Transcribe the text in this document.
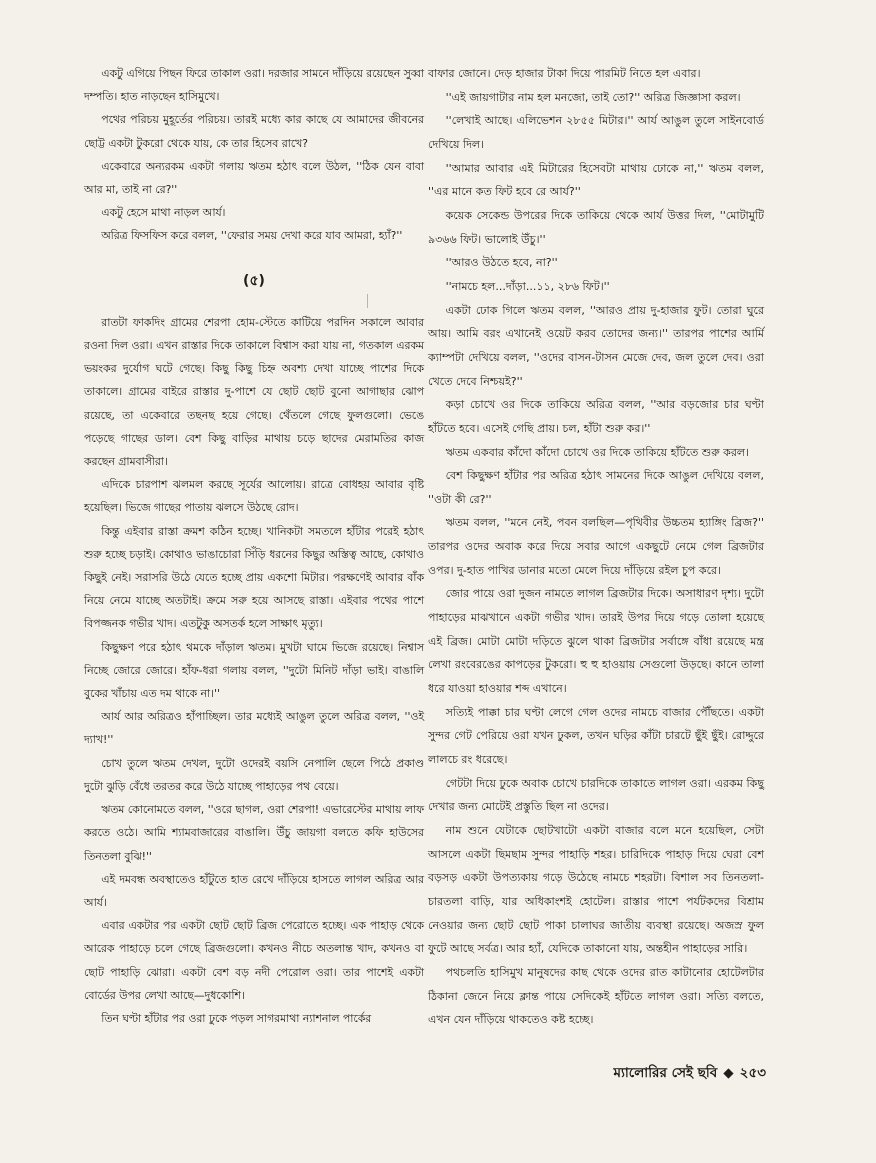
একটু এগিয়ে পিছন ফিরে তাকাল ওরা। দরজার সামনে দাঁড়িয়ে রয়েছেন সুব্বা দম্পতি। হাত নাড়ছেন হাসিমুখে।

পথের পরিচয় মুহূর্তের পরিচয়। তারই মধ্যে কার কাছে যে আমাদের জীবনের ছোট্ট একটা টুকরো থেকে যায়, কে তার হিসেব রাখে?

একেবারে অন্যরকম একটা গলায় ঋতম হঠাৎ বলে উঠল, ''ঠিক যেন বাবা আর মা, তাই না রে?''

একটু হেসে মাথা নাড়ল আর্য।

অরিত্র ফিসফিস করে বলল, ''ফেরার সময় দেখা করে যাব আমরা, হ্যাঁ?''

(৫)

রাতটা ফাকদিং গ্রামের শেরপা হোম-স্টেতে কাটিয়ে পরদিন সকালে আবার রওনা দিল ওরা। এখন রাস্তার দিকে তাকালে বিশ্বাস করা যায় না, গতকাল এরকম ভয়ংকর দুর্যোগ ঘটে গেছে। কিছু কিছু চিহ্ন অবশ্য দেখা যাচ্ছে পাশের দিকে তাকালে। গ্রামের বাইরে রাস্তার দু-পাশে যে ছোট ছোট বুনো আগাছার ঝোপ রয়েছে, তা একেবারে তছনছ হয়ে গেছে। থেঁতলে গেছে ফুলগুলো। ভেঙে পড়েছে গাছের ডাল। বেশ কিছু বাড়ির মাথায় চড়ে ছাদের মেরামতির কাজ করছেন গ্রামবাসীরা।

এদিকে চারপাশ ঝলমল করছে সূর্যের আলোয়। রাত্রে বোধহয় আবার বৃষ্টি হয়েছিল। ভিজে গাছের পাতায় ঝলসে উঠছে রোদ।

কিন্তু এইবার রাস্তা ক্রমশ কঠিন হচ্ছে। খানিকটা সমতলে হাঁটার পরেই হঠাৎ শুরু হচ্ছে চড়াই। কোথাও ভাঙাচোরা সিঁড়ি ধরনের কিছুর অস্তিত্ব আছে, কোথাও কিছুই নেই। সরাসরি উঠে যেতে হচ্ছে প্রায় একশো মিটার। পরক্ষণেই আবার বাঁক নিয়ে নেমে যাচ্ছে অতটাই। ক্রমে সরু হয়ে আসছে রাস্তা। এইবার পথের পাশে বিপজ্জনক গভীর খাদ। এতটুকু অসতর্ক হলে সাক্ষাৎ মৃত্যু।

কিছুক্ষণ পরে হঠাৎ থমকে দাঁড়াল ঋতম। মুখটা ঘামে ভিজে রয়েছে। নিশ্বাস নিচ্ছে জোরে জোরে। হাঁফ-ধরা গলায় বলল, ''দুটো মিনিট দাঁড়া ভাই। বাঙালি বুকের খাঁচায় এত দম থাকে না।''

আর্য আর অরিত্রও হাঁপাচ্ছিল। তার মধ্যেই আঙুল তুলে অরিত্র বলল, ''ওই দ্যাখ!''

চোখ তুলে ঋতম দেখল, দুটো ওদেরই বয়সি নেপালি ছেলে পিঠে প্রকাণ্ড দুটো ঝুড়ি বেঁধে তরতর করে উঠে যাচ্ছে পাহাড়ের পথ বেয়ে।

ঋতম কোনোমতে বলল, ''ওরে ছাগল, ওরা শেরপা! এভারেস্টের মাথায় লাফ করতে ওঠে। আমি শ্যামবাজারের বাঙালি। উঁচু জায়গা বলতে কফি হাউসের তিনতলা বুঝি!''

এই দমবন্ধ অবস্থাতেও হাঁটুতে হাত রেখে দাঁড়িয়ে হাসতে লাগল অরিত্র আর আর্য।

এবার একটার পর একটা ছোট ছোট ব্রিজ পেরোতে হচ্ছে। এক পাহাড় থেকে আরেক পাহাড়ে চলে গেছে ব্রিজগুলো। কখনও নীচে অতলান্ত খাদ, কখনও বা ছোট পাহাড়ি ঝোরা। একটা বেশ বড় নদী পেরোল ওরা। তার পাশেই একটা বোর্ডের উপর লেখা আছে—দুধকোশি।

তিন ঘণ্টা হাঁটার পর ওরা ঢুকে পড়ল সাগরমাথা ন্যাশনাল পার্কের

বাফার জোনে। দেড় হাজার টাকা দিয়ে পারমিট নিতে হল এবার।

''এই জায়গাটার নাম হল মনজো, তাই তো?'' অরিত্র জিজ্ঞাসা করল।

''লেখাই আছে। এলিভেশন ২৮৫৫ মিটার।'' আর্য আঙুল তুলে সাইনবোর্ড দেখিয়ে দিল।

''আমার আবার এই মিটারের হিসেবটা মাথায় ঢোকে না,'' ঋতম বলল, ''এর মানে কত ফিট হবে রে আর্য?''

কয়েক সেকেন্ড উপরের দিকে তাকিয়ে থেকে আর্য উত্তর দিল, ''মোটামুটি ৯৩৬৬ ফিট। ভালোই উঁচু।''

''আরও উঠতে হবে, না?''

''নামচে হল...দাঁড়া...১১, ২৮৬ ফিট।''

একটা ঢোক গিলে ঋতম বলল, ''আরও প্রায় দু-হাজার ফুট। তোরা ঘুরে আয়। আমি বরং এখানেই ওয়েট করব তোদের জন্য।'' তারপর পাশের আর্মি ক্যাম্পটা দেখিয়ে বলল, ''ওদের বাসন-টাসন মেজে দেব, জল তুলে দেব। ওরা খেতে দেবে নিশ্চয়ই?''

কড়া চোখে ওর দিকে তাকিয়ে অরিত্র বলল, ''আর বড়জোর চার ঘণ্টা হাঁটতে হবে। এসেই গেছি প্রায়। চল, হাঁটা শুরু কর।''

ঋতম একবার কাঁদো কাঁদো চোখে ওর দিকে তাকিয়ে হাঁটতে শুরু করল।

বেশ কিছুক্ষণ হাঁটার পর অরিত্র হঠাৎ সামনের দিকে আঙুল দেখিয়ে বলল, ''ওটা কী রে?''

ঋতম বলল, ''মনে নেই, পবন বলছিল—পৃথিবীর উচ্চতম হ্যাঙ্গিং ব্রিজ?'' তারপর ওদের অবাক করে দিয়ে সবার আগে একছুটে নেমে গেল ব্রিজটার ওপর। দু-হাত পাখির ডানার মতো মেলে দিয়ে দাঁড়িয়ে রইল চুপ করে।

জোর পায়ে ওরা দুজন নামতে লাগল ব্রিজটার দিকে। অসাধারণ দৃশ্য। দুটো পাহাড়ের মাঝখানে একটা গভীর খাদ। তারই উপর দিয়ে গড়ে তোলা হয়েছে এই ব্রিজ। মোটা মোটা দড়িতে ঝুলে থাকা ব্রিজটার সর্বাঙ্গে বাঁধা রয়েছে মন্ত্র লেখা রংবেরঙের কাপড়ের টুকরো। হু হু হাওয়ায় সেগুলো উড়ছে। কানে তালা ধরে যাওয়া হাওয়ার শব্দ এখানে।

সত্যিই পাক্কা চার ঘণ্টা লেগে গেল ওদের নামচে বাজার পৌঁছতে। একটা সুন্দর গেট পেরিয়ে ওরা যখন ঢুকল, তখন ঘড়ির কাঁটা চারটে ছুঁই ছুঁই। রোদ্দুরে লালচে রং ধরেছে।

গেটটা দিয়ে ঢুকে অবাক চোখে চারদিকে তাকাতে লাগল ওরা। এরকম কিছু দেখার জন্য মোটেই প্রস্তুতি ছিল না ওদের।

নাম শুনে যেটাকে ছোটখাটো একটা বাজার বলে মনে হয়েছিল, সেটা আসলে একটা ছিমছাম সুন্দর পাহাড়ি শহর। চারিদিকে পাহাড় দিয়ে ঘেরা বেশ বড়সড় একটা উপত্যকায় গড়ে উঠেছে নামচে শহরটা। বিশাল সব তিনতলা-চারতলা বাড়ি, যার অধিকাংশই হোটেল। রাস্তার পাশে পর্যটকদের বিশ্রাম নেওয়ার জন্য ছোট ছোট পাকা চালাঘর জাতীয় ব্যবস্থা রয়েছে। অজস্র ফুল ফুটে আছে সর্বত্র। আর হ্যাঁ, যেদিকে তাকানো যায়, অন্তহীন পাহাড়ের সারি।

পথচলতি হাসিমুখ মানুষদের কাছ থেকে ওদের রাত কাটানোর হোটেলটার ঠিকানা জেনে নিয়ে ক্লান্ত পায়ে সেদিকেই হাঁটতে লাগল ওরা। সত্যি বলতে, এখন যেন দাঁড়িয়ে থাকতেও কষ্ট হচ্ছে।

ম্যালোরির সেই ছবি ◆ ২৫৩
